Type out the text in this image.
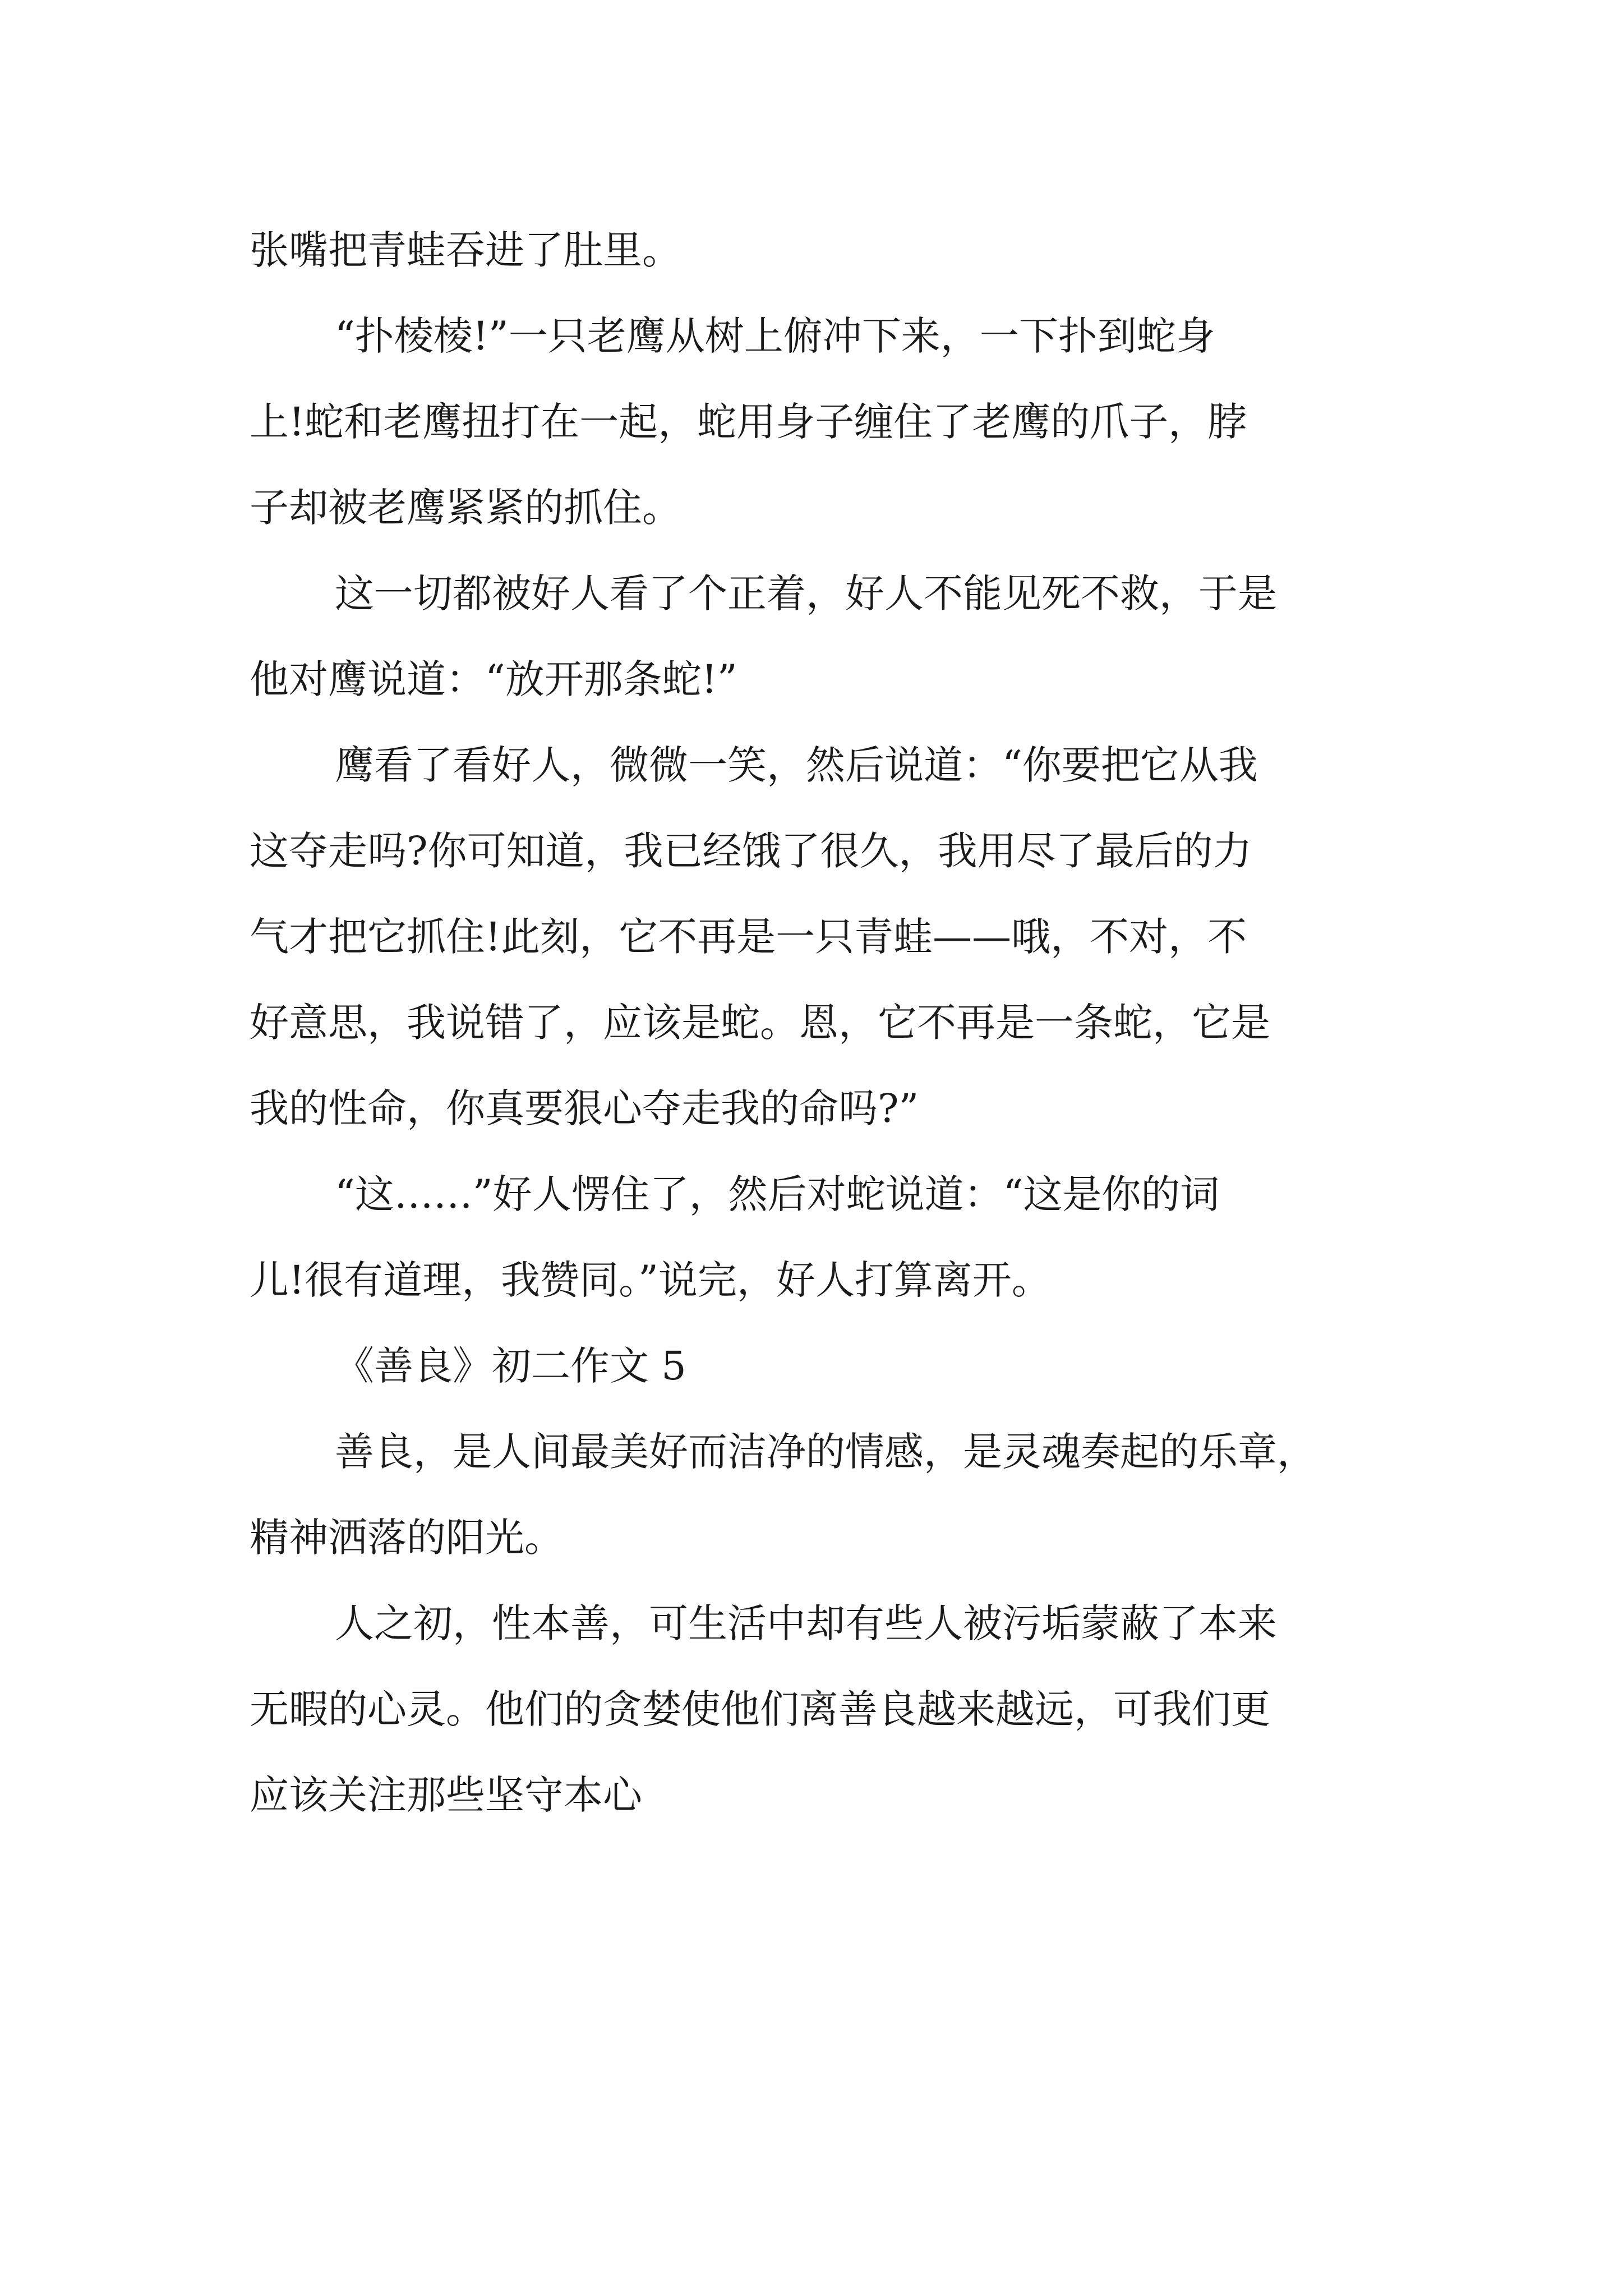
张嘴把青蛙吞进了肚里。
“扑棱棱!”一只老鹰从树上俯冲下来，一下扑到蛇身
上!蛇和老鹰扭打在一起，蛇用身子缠住了老鹰的爪子，脖
子却被老鹰紧紧的抓住。
这一切都被好人看了个正着，好人不能见死不救，于是
他对鹰说道：“放开那条蛇!”
鹰看了看好人，微微一笑，然后说道：“你要把它从我
这夺走吗?你可知道，我已经饿了很久，我用尽了最后的力
气才把它抓住!此刻，它不再是一只青蛙——哦，不对，不
好意思，我说错了，应该是蛇。恩，它不再是一条蛇，它是
我的性命，你真要狠心夺走我的命吗?”
“这……”好人愣住了，然后对蛇说道：“这是你的词
儿!很有道理，我赞同。”说完，好人打算离开。
《善良》初二作文 5
善良，是人间最美好而洁净的情感，是灵魂奏起的乐章，
精神洒落的阳光。
人之初，性本善，可生活中却有些人被污垢蒙蔽了本来
无暇的心灵。他们的贪婪使他们离善良越来越远，可我们更
应该关注那些坚守本心
